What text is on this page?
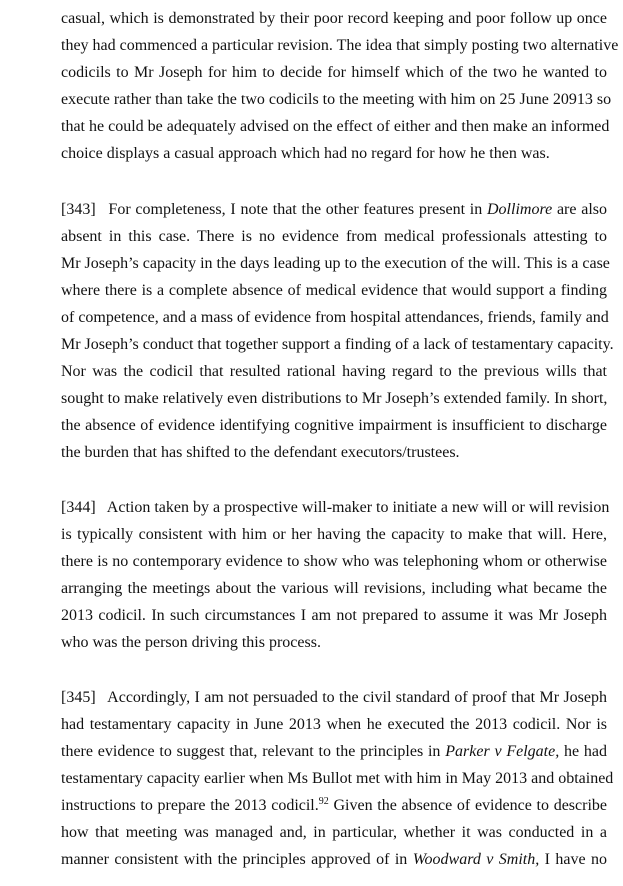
casual, which is demonstrated by their poor record keeping and poor follow up once
they had commenced a particular revision. The idea that simply posting two alternative
codicils to Mr Joseph for him to decide for himself which of the two he wanted to
execute rather than take the two codicils to the meeting with him on 25 June 20913 so
that he could be adequately advised on the effect of either and then make an informed
choice displays a casual approach which had no regard for how he then was.
[343] For completeness, I note that the other features present in Dollimore are also
absent in this case. There is no evidence from medical professionals attesting to
Mr Joseph’s capacity in the days leading up to the execution of the will. This is a case
where there is a complete absence of medical evidence that would support a finding
of competence, and a mass of evidence from hospital attendances, friends, family and
Mr Joseph’s conduct that together support a finding of a lack of testamentary capacity.
Nor was the codicil that resulted rational having regard to the previous wills that
sought to make relatively even distributions to Mr Joseph’s extended family. In short,
the absence of evidence identifying cognitive impairment is insufficient to discharge
the burden that has shifted to the defendant executors/trustees.
[344] Action taken by a prospective will-maker to initiate a new will or will revision
is typically consistent with him or her having the capacity to make that will. Here,
there is no contemporary evidence to show who was telephoning whom or otherwise
arranging the meetings about the various will revisions, including what became the
2013 codicil. In such circumstances I am not prepared to assume it was Mr Joseph
who was the person driving this process.
[345] Accordingly, I am not persuaded to the civil standard of proof that Mr Joseph
had testamentary capacity in June 2013 when he executed the 2013 codicil. Nor is
there evidence to suggest that, relevant to the principles in Parker v Felgate, he had
testamentary capacity earlier when Ms Bullot met with him in May 2013 and obtained
instructions to prepare the 2013 codicil.$^{92}$ Given the absence of evidence to describe
how that meeting was managed and, in particular, whether it was conducted in a
manner consistent with the principles approved of in Woodward v Smith, I have no
